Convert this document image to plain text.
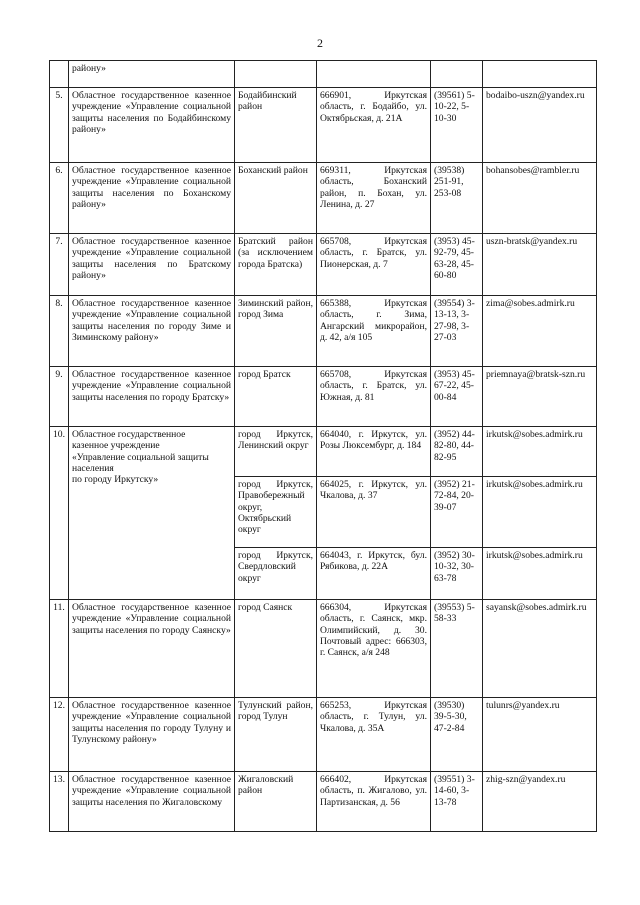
2
	району»				
5.	Областное государственное казенное учреждение «Управление социальной защиты населения по Бодайбинскому району»	Бодайбинский район	666901, Иркутская область, г. Бодайбо, ул. Октябрьская, д. 21А	(39561) 5-10-22, 5-10-30	bodaibo-uszn@yandex.ru
6.	Областное государственное казенное учреждение «Управление социальной защиты населения по Боханскому району»	Боханский район	669311, Иркутская область, Боханский район, п. Бохан, ул. Ленина, д. 27	(39538) 251-91, 253-08	bohansobes@rambler.ru
7.	Областное государственное казенное учреждение «Управление социальной защиты населения по Братскому району»	Братский район (за исключением города Братска)	665708, Иркутская область, г. Братск, ул. Пионерская, д. 7	(3953) 45-92-79, 45-63-28, 45-60-80	uszn-bratsk@yandex.ru
8.	Областное государственное казенное учреждение «Управление социальной защиты населения по городу Зиме и Зиминскому району»	Зиминский район, город Зима	665388, Иркутская область, г. Зима, Ангарский микрорайон, д. 42, а/я 105	(39554) 3-13-13, 3-27-98, 3-27-03	zima@sobes.admirk.ru
9.	Областное государственное казенное учреждение «Управление социальной защиты населения по городу Братску»	город Братск	665708, Иркутская область, г. Братск, ул. Южная, д. 81	(3953) 45-67-22, 45-00-84	priemnaya@bratsk-szn.ru
10.	Областное государственное
казенное учреждение
«Управление социальной защиты
населения
по городу Иркутску»	город Иркутск, Ленинский округ	664040, г. Иркутск, ул. Розы Люксембург, д. 184	(3952) 44-82-80, 44-82-95	irkutsk@sobes.admirk.ru
		город Иркутск, Правобережный округ, Октябрьский округ	664025, г. Иркутск, ул. Чкалова, д. 37	(3952) 21-72-84, 20-39-07	irkutsk@sobes.admirk.ru
		город Иркутск, Свердловский округ	664043, г. Иркутск, бул. Рябикова, д. 22А	(3952) 30-10-32, 30-63-78	irkutsk@sobes.admirk.ru
11.	Областное государственное казенное учреждение «Управление социальной защиты населения по городу Саянску»	город Саянск	666304, Иркутская область, г. Саянск, мкр. Олимпийский, д. 30. Почтовый адрес: 666303, г. Саянск, а/я 248	(39553) 5-58-33	sayansk@sobes.admirk.ru
12.	Областное государственное казенное учреждение «Управление социальной защиты населения по городу Тулуну и Тулунскому району»	Тулунский район, город Тулун	665253, Иркутская область, г. Тулун, ул. Чкалова, д. 35А	(39530) 39-5-30, 47-2-84	tulunrs@yandex.ru
13.	Областное государственное казенное учреждение «Управление социальной защиты населения по Жигаловскому	Жигаловский район	666402, Иркутская область, п. Жигалово, ул. Партизанская, д. 56	(39551) 3-14-60, 3-13-78	zhig-szn@yandex.ru
